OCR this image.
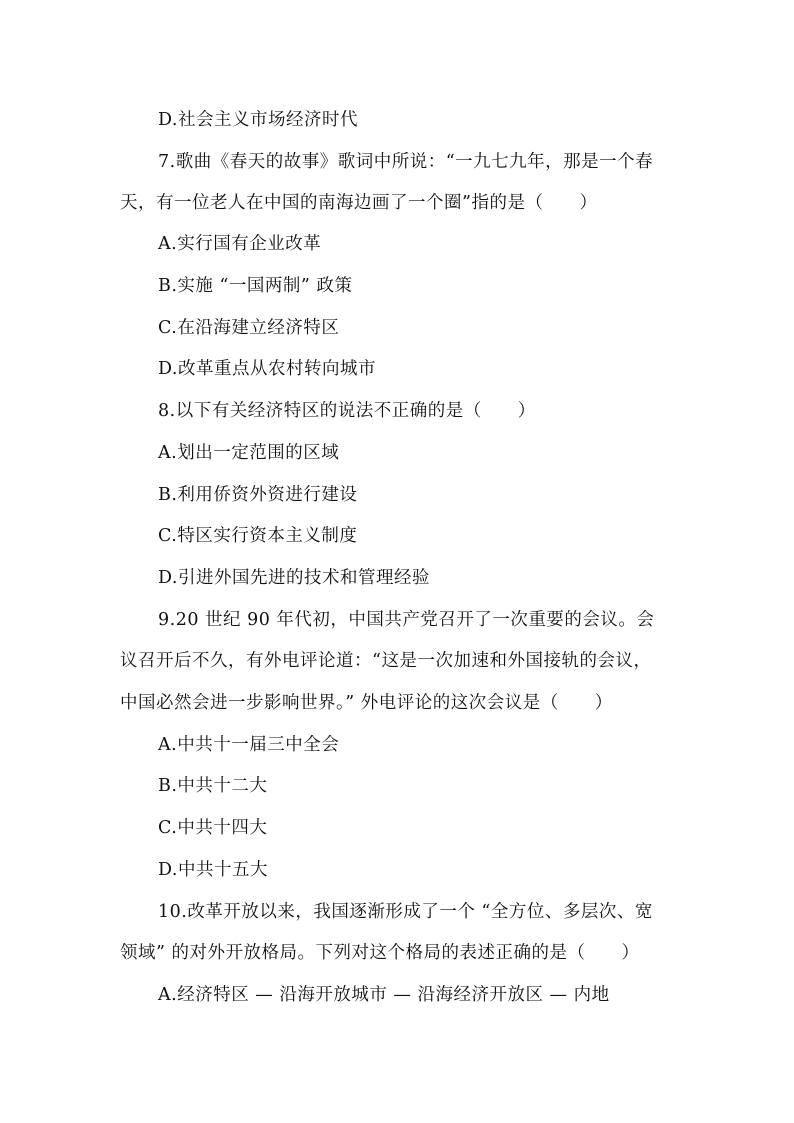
D.社会主义市场经济时代
7.歌曲《春天的故事》歌词中所说：“一九七九年，那是一个春
天，有一位老人在中国的南海边画了一个圈”指的是（　　）
A.实行国有企业改革
B.实施 “一国两制” 政策
C.在沿海建立经济特区
D.改革重点从农村转向城市
8.以下有关经济特区的说法不正确的是（　　）
A.划出一定范围的区域
B.利用侨资外资进行建设
C.特区实行资本主义制度
D.引进外国先进的技术和管理经验
9.20 世纪 90 年代初，中国共产党召开了一次重要的会议。会
议召开后不久，有外电评论道：“这是一次加速和外国接轨的会议，
中国必然会进一步影响世界。” 外电评论的这次会议是（　　）
A.中共十一届三中全会
B.中共十二大
C.中共十四大
D.中共十五大
10.改革开放以来，我国逐渐形成了一个 “全方位、多层次、宽
领域” 的对外开放格局。下列对这个格局的表述正确的是（　　）
A.经济特区 — 沿海开放城市 — 沿海经济开放区 — 内地
